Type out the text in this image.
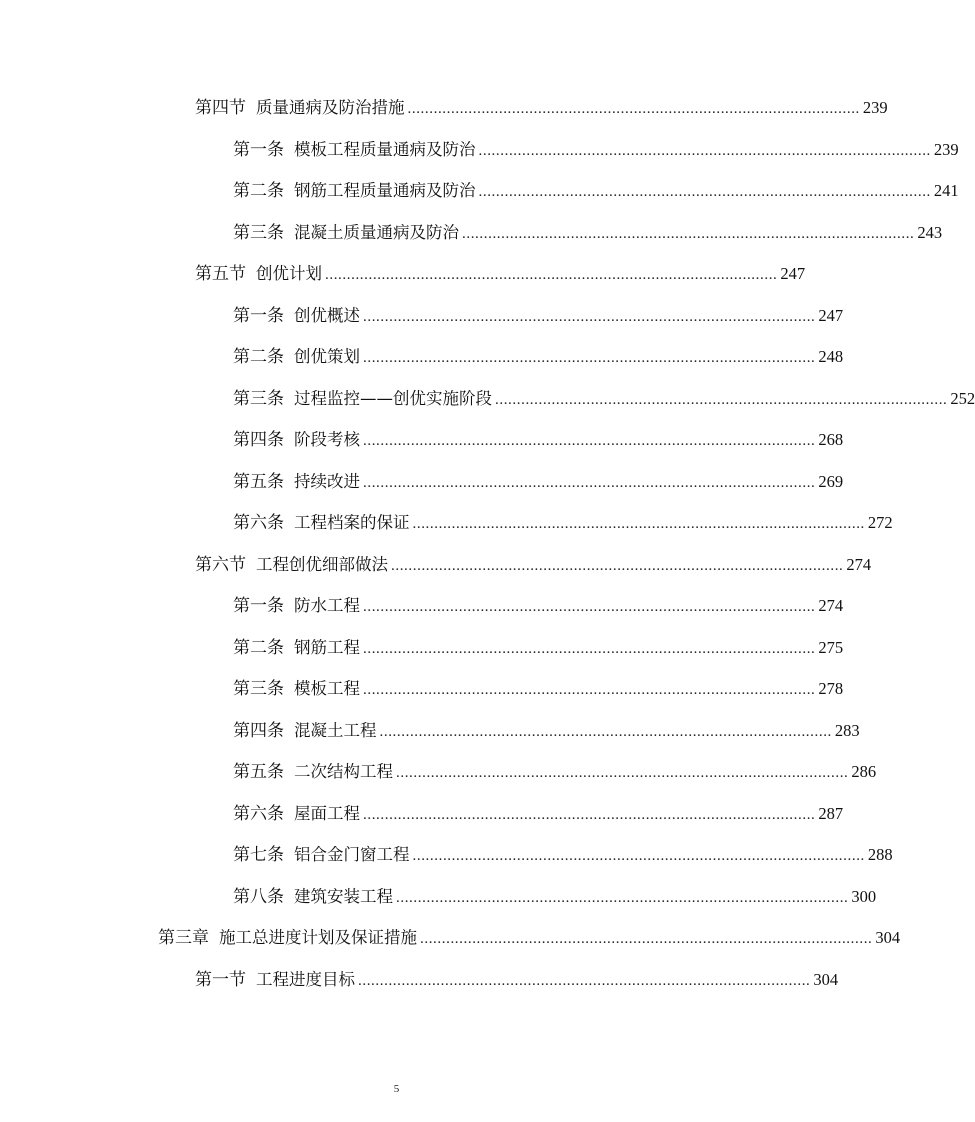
第四节 质量通病及防治措施 ........................................................................................................ 239
第一条 模板工程质量通病及防治 ........................................................................................................ 239
第二条 钢筋工程质量通病及防治 ........................................................................................................ 241
第三条 混凝土质量通病及防治 ........................................................................................................ 243
第五节 创优计划 ........................................................................................................ 247
第一条 创优概述 ........................................................................................................ 247
第二条 创优策划 ........................................................................................................ 248
第三条 过程监控——创优实施阶段 ........................................................................................................ 252
第四条 阶段考核 ........................................................................................................ 268
第五条 持续改进 ........................................................................................................ 269
第六条 工程档案的保证 ........................................................................................................ 272
第六节 工程创优细部做法 ........................................................................................................ 274
第一条 防水工程 ........................................................................................................ 274
第二条 钢筋工程 ........................................................................................................ 275
第三条 模板工程 ........................................................................................................ 278
第四条 混凝土工程 ........................................................................................................ 283
第五条 二次结构工程 ........................................................................................................ 286
第六条 屋面工程 ........................................................................................................ 287
第七条 铝合金门窗工程 ........................................................................................................ 288
第八条 建筑安装工程 ........................................................................................................ 300
第三章 施工总进度计划及保证措施 ........................................................................................................ 304
第一节 工程进度目标 ........................................................................................................ 304
5
